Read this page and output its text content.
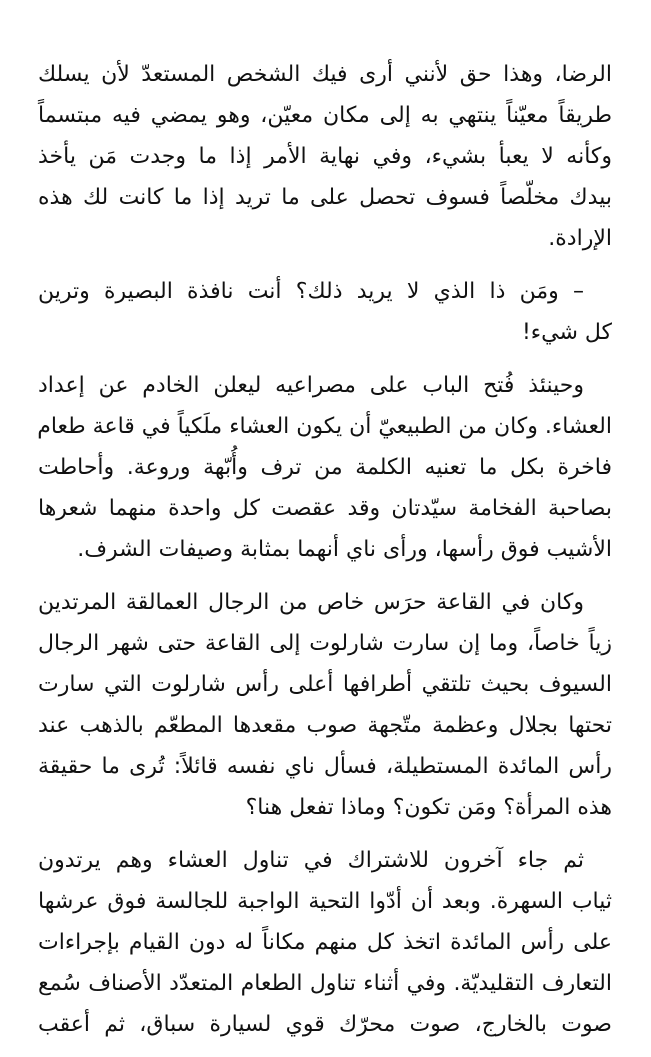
الرضا، وهذا حق لأنني أرى فيك الشخص المستعدّ لأن يسلك
طريقاً معيّناً ينتهي به إلى مكان معيّن، وهو يمضي فيه مبتسماً
وكأنه لا يعبأ بشيء، وفي نهاية الأمر إذا ما وجدت مَن يأخذ
بيدك مخلّصاً فسوف تحصل على ما تريد إذا ما كانت لك هذه
الإرادة.
– ومَن ذا الذي لا يريد ذلك؟ أنت نافذة البصيرة وترين
كل شيء!
وحينئذ فُتح الباب على مصراعيه ليعلن الخادم عن إعداد
العشاء. وكان من الطبيعيّ أن يكون العشاء ملَكياً في قاعة طعام
فاخرة بكل ما تعنيه الكلمة من ترف وأُبّهة وروعة. وأحاطت
بصاحبة الفخامة سيّدتان وقد عقصت كل واحدة منهما شعرها
الأشيب فوق رأسها، ورأى ناي أنهما بمثابة وصيفات الشرف.
وكان في القاعة حرَس خاص من الرجال العمالقة المرتدين
زياً خاصاً، وما إن سارت شارلوت إلى القاعة حتى شهر الرجال
السيوف بحيث تلتقي أطرافها أعلى رأس شارلوت التي سارت
تحتها بجلال وعظمة متّجهة صوب مقعدها المطعّم بالذهب عند
رأس المائدة المستطيلة، فسأل ناي نفسه قائلاً: تُرى ما حقيقة
هذه المرأة؟ ومَن تكون؟ وماذا تفعل هنا؟
ثم جاء آخرون للاشتراك في تناول العشاء وهم يرتدون
ثياب السهرة. وبعد أن أدّوا التحية الواجبة للجالسة فوق عرشها
على رأس المائدة اتخذ كل منهم مكاناً له دون القيام بإجراءات
التعارف التقليديّة. وفي أثناء تناول الطعام المتعدّد الأصناف سُمع
صوت بالخارج، صوت محرّك قوي لسيارة سباق، ثم أعقب
